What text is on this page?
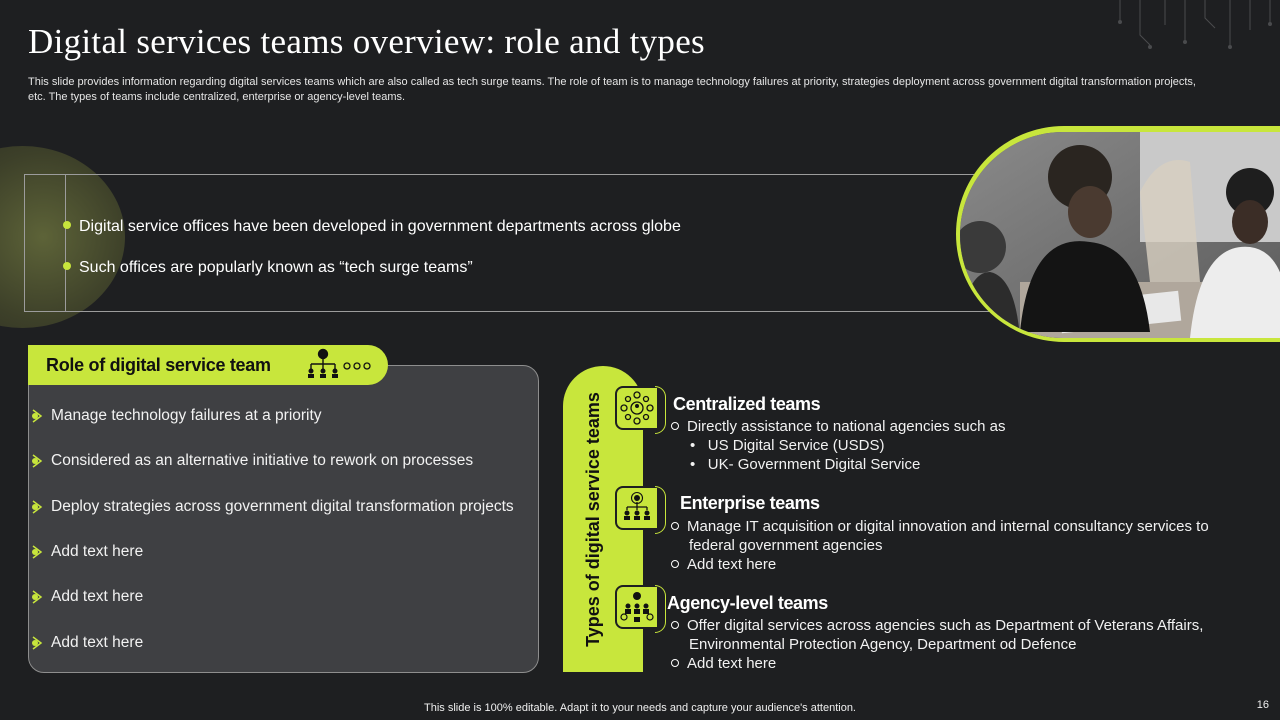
Digital services teams overview: role and types
This slide provides information regarding digital services teams which are also called as tech surge teams. The role of team is to manage technology failures at priority, strategies deployment across government digital transformation projects, etc. The types of teams include centralized, enterprise or agency-level teams.
Digital service offices have been developed in government departments across globe
Such offices are popularly known as “tech surge teams”
Manage technology failures at a priority
Considered as an alternative initiative to rework on processes
Deploy strategies across government digital transformation projects
Add text here
Add text here
Add text here
Role of digital service team
Types of digital service teams	Centralized teams
Directly assistance to national agencies such as
•   US Digital Service (USDS)
•   UK- Government Digital Service
Enterprise teams
Manage IT acquisition or digital innovation and internal consultancy services to
federal government agencies
Add text here
Agency-level teams
Offer digital services across agencies such as Department of Veterans Affairs,
Environmental Protection Agency, Department od Defence
Add text here
This slide is 100% editable. Adapt it to your needs and capture your audience's attention.	16
